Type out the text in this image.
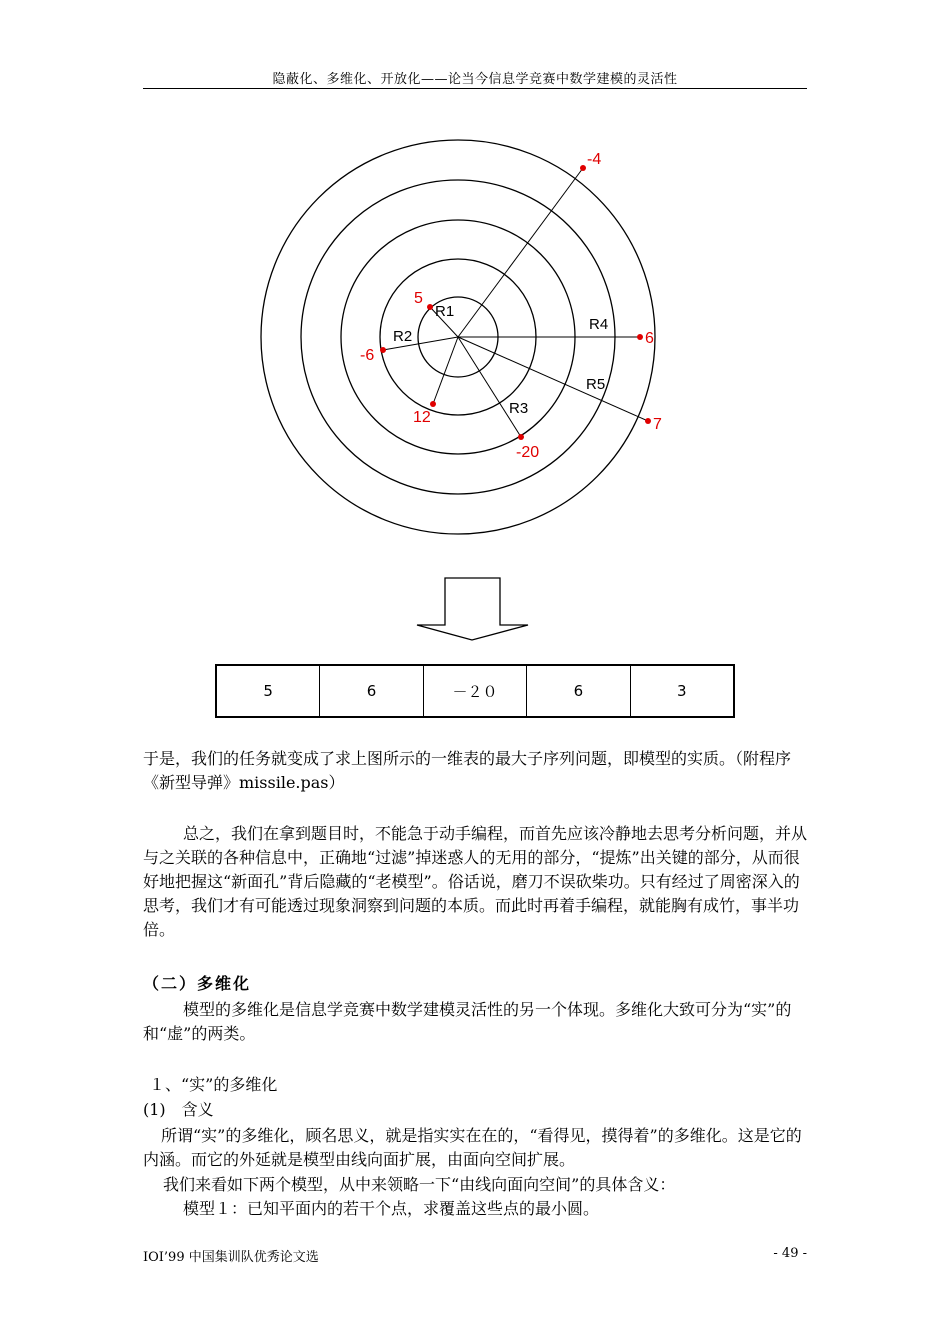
隐蔽化、多维化、开放化——论当今信息学竞赛中数学建模的灵活性
R1
R2
R3
R4
R5
5
-6
12
-20
7
6
-4
5	6	－２０	6	3

于是，我们的任务就变成了求上图所示的一维表的最大子序列问题，即模型的实质。（附程序《新型导弹》missile.pas）

总之，我们在拿到题目时，不能急于动手编程，而首先应该冷静地去思考分析问题，并从与之关联的各种信息中，正确地“过滤”掉迷惑人的无用的部分，“提炼”出关键的部分，从而很好地把握这“新面孔”背后隐藏的“老模型”。俗话说，磨刀不误砍柴功。只有经过了周密深入的思考，我们才有可能透过现象洞察到问题的本质。而此时再着手编程，就能胸有成竹，事半功倍。

（二）多维化

模型的多维化是信息学竞赛中数学建模灵活性的另一个体现。多维化大致可分为“实”的和“虚”的两类。

１、“实”的多维化

(1)　含义

所谓“实”的多维化，顾名思义，就是指实实在在的，“看得见，摸得着”的多维化。这是它的内涵。而它的外延就是模型由线向面扩展，由面向空间扩展。

我们来看如下两个模型，从中来领略一下“由线向面向空间”的具体含义：

模型１：已知平面内的若干个点，求覆盖这些点的最小圆。

IOI’99 中国集训队优秀论文选	- 49 -
